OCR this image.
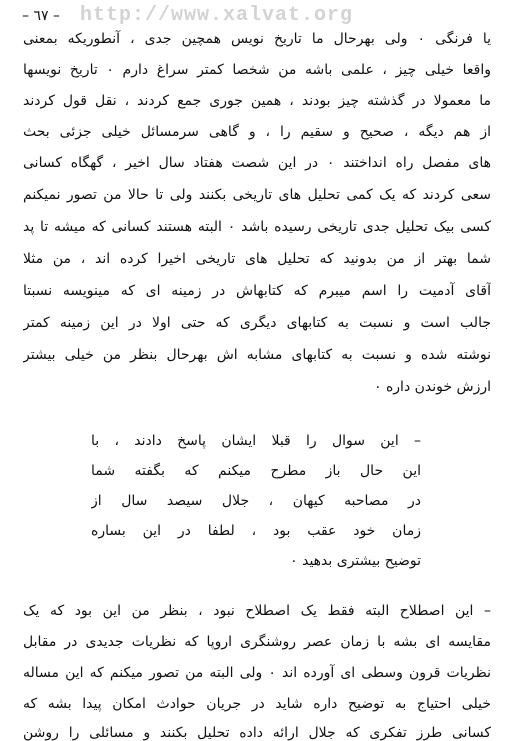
http://www.xalvat.org
– ٦٧ –
یا فرنگی ۰ ولی بهرحال ما تاریخ نویس همچین جدی ، آنطوریکه بمعنی
واقعا خیلی چیز ، علمی باشه من شخصا کمتر سراغ دارم ۰ تاریخ نویسها
ما معمولا در گذشته چیز بودند ، همین جوری جمع کردند ، نقل قول کردند
از هم دیگه ، صحیح و سقیم را ، و گاهی سرمسائل خیلی جزئی بحث
های مفصل راه انداختند ۰ در این شصت هفتاد سال اخیر ، گهگاه کسانی
سعی کردند که یک کمی تحلیل های تاریخی بکنند ولی تا حالا من تصور نمیکنم
کسی بیک تحلیل جدی تاریخی رسیده باشد ۰ البته هستند کسانی که میشه تا پد
شما بهتر از من بدونید که تحلیل های تاریخی اخیرا کرده اند ، من مثلا
آقای آدمیت را اسم میبرم که کتابهاش در زمینه ای که مینویسه نسبتا
جالب است و نسبت به کتابهای دیگری که حتی اولا در این زمینه کمتر
نوشته شده و نسبت به کتابهای مشابه اش بهرحال بنظر من خیلی بیشتر
ارزش خوندن داره ۰
– این سوال را قبلا ایشان پاسخ دادند ، با
این حال باز مطرح میکنم که بگفته شما
در مصاحبه کیهان ، جلال سیصد سال از
زمان خود عقب بود ، لطفا در این بساره
توضیح بیشتری بدهید ۰
– این اصطلاح البته فقط یک اصطلاح نبود ، بنظر من این بود که یک
مقایسه ای بشه با زمان عصر روشنگری اروپا که نظریات جدیدی در مقابل
نظریات قرون وسطی ای آورده اند ۰ ولی البته من تصور میکنم که این مساله
خیلی احتیاج به توضیح داره شاید در جریان حوادث امکان پیدا بشه که
کسانی طرز تفکری که جلال ارائه داده تحلیل بکنند و مسائلی را روشن
